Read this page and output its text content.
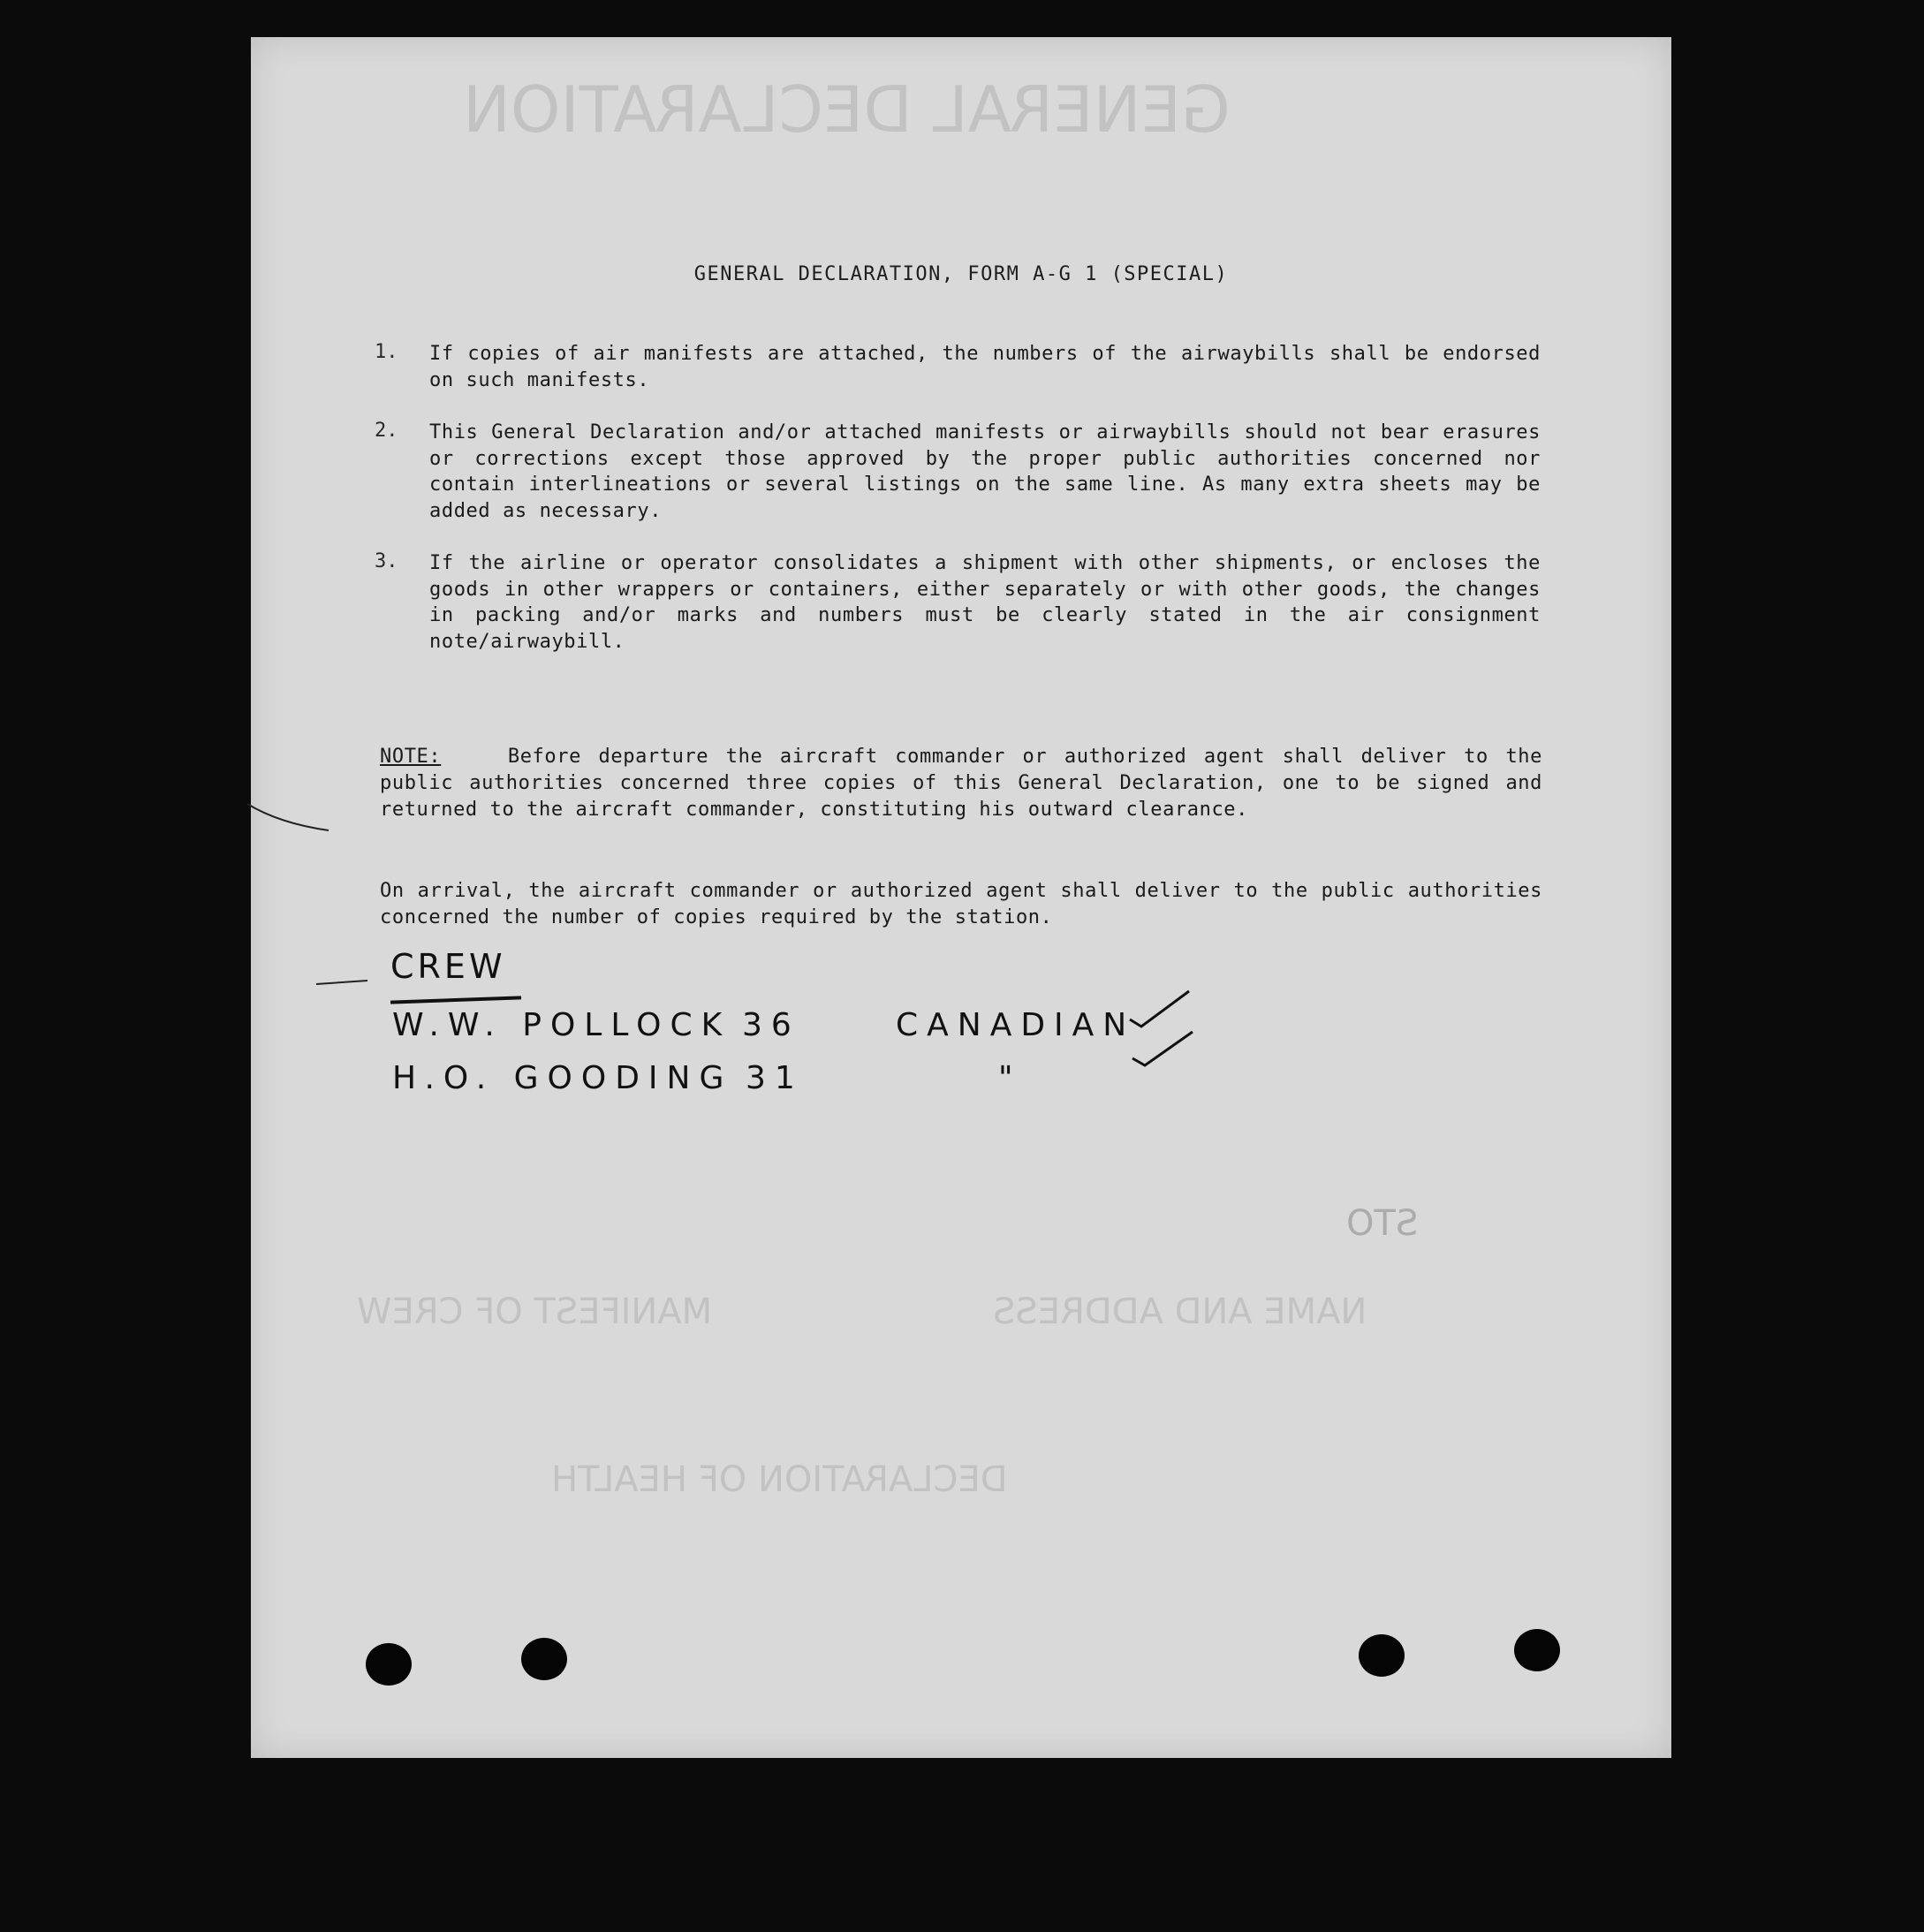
GENERAL DECLARATION
STO
MANIFEST OF CREW	NAME AND ADDRESS
DECLARATION OF HEALTH
GENERAL DECLARATION, FORM A-G 1 (SPECIAL)
1.	If copies of air manifests are attached, the numbers of the airwaybills shall be endorsed on such manifests.
2.	This General Declaration and/or attached manifests or airwaybills should not bear erasures or corrections except those approved by the proper public authorities concerned nor contain interlineations or several listings on the same line. As many extra sheets may be added as necessary.
3.	If the airline or operator consolidates a shipment with other shipments, or encloses the goods in other wrappers or containers, either separately or with other goods, the changes in packing and/or marks and numbers must be clearly stated in the air consignment note/airwaybill.
NOTE:	Before departure the aircraft commander or authorized agent shall deliver to the public authorities concerned three copies of this General Declaration, one to be signed and returned to the aircraft commander, constituting his outward clearance.
On arrival, the aircraft commander or authorized agent shall deliver to the public authorities concerned the number of copies required by the station.
CREW
W.W. POLLOCK 36	CANADIAN
H.O. GOODING 31	"
